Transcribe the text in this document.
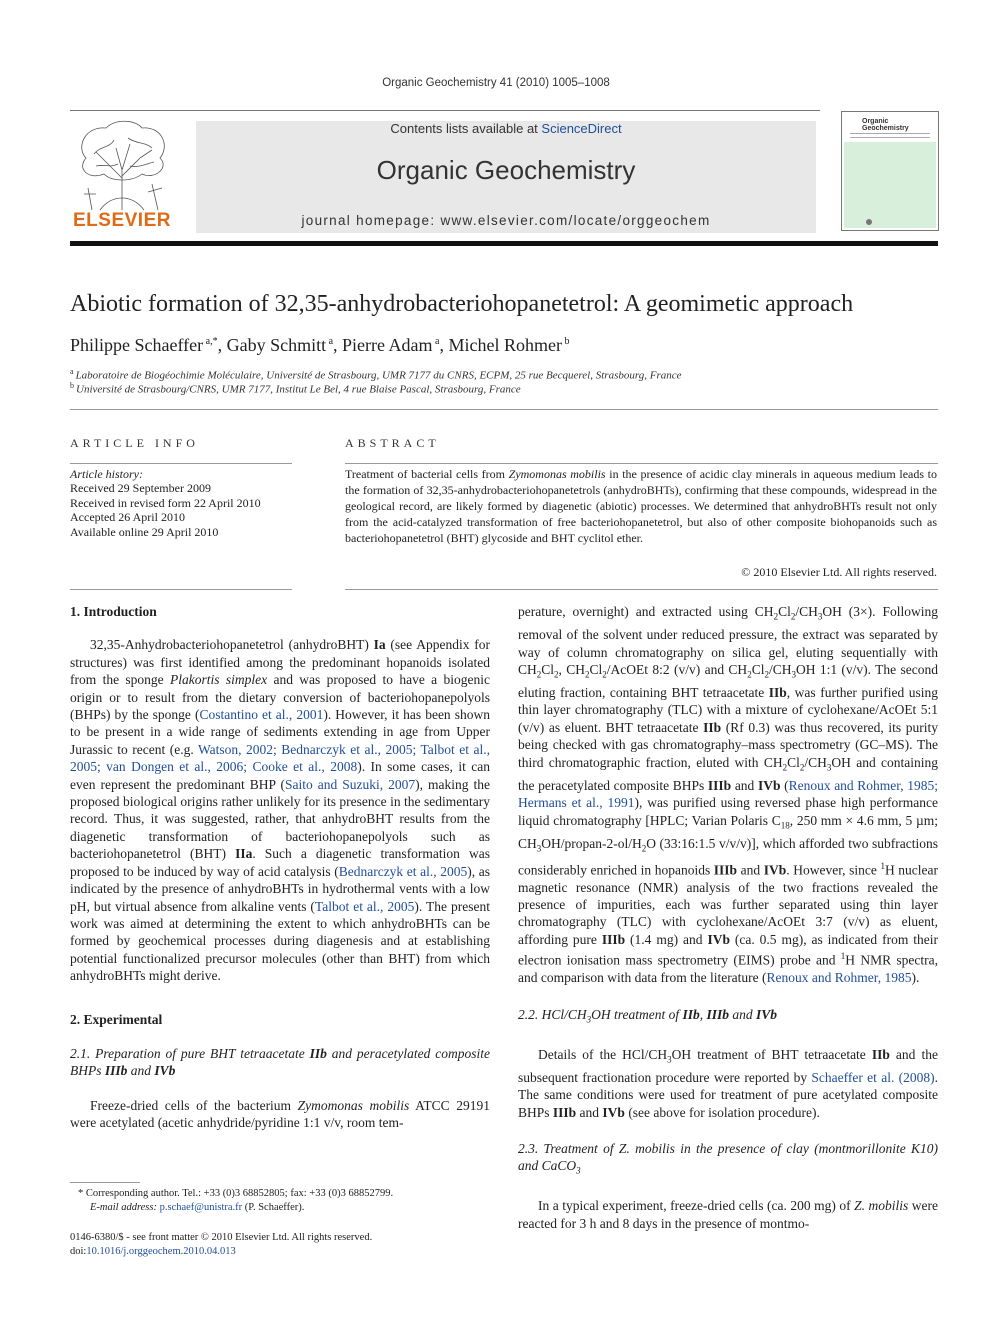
Organic Geochemistry 41 (2010) 1005–1008
ELSEVIER
Contents lists available at ScienceDirect
Organic Geochemistry
journal homepage: www.elsevier.com/locate/orggeochem
Organic
Geochemistry
Abiotic formation of 32,35-anhydrobacteriohopanetetrol: A geomimetic approach
Philippe Schaeffer $^{a,*}$, Gaby Schmitt $^a$, Pierre Adam $^a$, Michel Rohmer $^b$
$^a$ Laboratoire de Biogéochimie Moléculaire, Université de Strasbourg, UMR 7177 du CNRS, ECPM, 25 rue Becquerel, Strasbourg, France
$^b$ Université de Strasbourg/CNRS, UMR 7177, Institut Le Bel, 4 rue Blaise Pascal, Strasbourg, France
ARTICLE INFO
Article history:
Received 29 September 2009
Received in revised form 22 April 2010
Accepted 26 April 2010
Available online 29 April 2010
ABSTRACT
Treatment of bacterial cells from Zymomonas mobilis in the presence of acidic clay minerals in aqueous medium leads to the formation of 32,35-anhydrobacteriohopanetetrols (anhydroBHTs), confirming that these compounds, widespread in the geological record, are likely formed by diagenetic (abiotic) processes. We determined that anhydroBHTs result not only from the acid-catalyzed transformation of free bacteriohopanetetrol, but also of other composite biohopanoids such as bacteriohopanetetrol (BHT) glycoside and BHT cyclitol ether.
© 2010 Elsevier Ltd. All rights reserved.
1. Introduction

32,35-Anhydrobacteriohopanetetrol (anhydroBHT) Ia (see Appendix for structures) was first identified among the predominant hopanoids isolated from the sponge Plakortis simplex and was proposed to have a biogenic origin or to result from the dietary conversion of bacteriohopanepolyols (BHPs) by the sponge (Costantino et al., 2001). However, it has been shown to be present in a wide range of sediments extending in age from Upper Jurassic to recent (e.g. Watson, 2002; Bednarczyk et al., 2005; Talbot et al., 2005; van Dongen et al., 2006; Cooke et al., 2008). In some cases, it can even represent the predominant BHP (Saito and Suzuki, 2007), making the proposed biological origins rather unlikely for its presence in the sedimentary record. Thus, it was suggested, rather, that anhydroBHT results from the diagenetic transformation of bacteriohopanepolyols such as bacteriohopanetetrol (BHT) IIa. Such a diagenetic transformation was proposed to be induced by way of acid catalysis (Bednarczyk et al., 2005), as indicated by the presence of anhydroBHTs in hydrothermal vents with a low pH, but virtual absence from alkaline vents (Talbot et al., 2005). The present work was aimed at determining the extent to which anhydroBHTs can be formed by geochemical processes during diagenesis and at establishing potential functionalized precursor molecules (other than BHT) from which anhydroBHTs might derive.

2. Experimental
2.1. Preparation of pure BHT tetraacetate IIb and peracetylated composite BHPs IIIb and IVb

Freeze-dried cells of the bacterium Zymomonas mobilis ATCC 29191 were acetylated (acetic anhydride/pyridine 1:1 v/v, room tem-

* Corresponding author. Tel.: +33 (0)3 68852805; fax: +33 (0)3 68852799.
E-mail address: p.schaef@unistra.fr (P. Schaeffer).
0146-6380/$ - see front matter © 2010 Elsevier Ltd. All rights reserved.
doi:10.1016/j.orggeochem.2010.04.013

perature, overnight) and extracted using $CH_2Cl_2/CH_3OH$ (3×). Following removal of the solvent under reduced pressure, the extract was separated by way of column chromatography on silica gel, eluting sequentially with $CH_2Cl_2$, $CH_2Cl_2$/AcOEt 8:2 (v/v) and $CH_2Cl_2/CH_3OH$ 1:1 (v/v). The second eluting fraction, containing BHT tetraacetate IIb, was further purified using thin layer chromatography (TLC) with a mixture of cyclohexane/AcOEt 5:1 (v/v) as eluent. BHT tetraacetate IIb (Rf 0.3) was thus recovered, its purity being checked with gas chromatography–mass spectrometry (GC–MS). The third chromatographic fraction, eluted with $CH_2Cl_2/CH_3OH$ and containing the peracetylated composite BHPs IIIb and IVb (Renoux and Rohmer, 1985; Hermans et al., 1991), was purified using reversed phase high performance liquid chromatography [HPLC; Varian Polaris $C_{18}$, 250 mm × 4.6 mm, 5 µm; $CH_3OH/propan-2-ol/H_2O$ (33:16:1.5 v/v/v)], which afforded two subfractions considerably enriched in hopanoids IIIb and IVb. However, since $^1$H nuclear magnetic resonance (NMR) analysis of the two fractions revealed the presence of impurities, each was further separated using thin layer chromatography (TLC) with cyclohexane/AcOEt 3:7 (v/v) as eluent, affording pure IIIb (1.4 mg) and IVb (ca. 0.5 mg), as indicated from their electron ionisation mass spectrometry (EIMS) probe and $^1$H NMR spectra, and comparison with data from the literature (Renoux and Rohmer, 1985).

2.2. HCl/$CH_3OH$ treatment of IIb, IIIb and IVb

Details of the HCl/$CH_3OH$ treatment of BHT tetraacetate IIb and the subsequent fractionation procedure were reported by Schaeffer et al. (2008). The same conditions were used for treatment of pure acetylated composite BHPs IIIb and IVb (see above for isolation procedure).

2.3. Treatment of Z. mobilis in the presence of clay (montmorillonite K10) and CaCO$_3$

In a typical experiment, freeze-dried cells (ca. 200 mg) of Z. mobilis were reacted for 3 h and 8 days in the presence of montmo-
